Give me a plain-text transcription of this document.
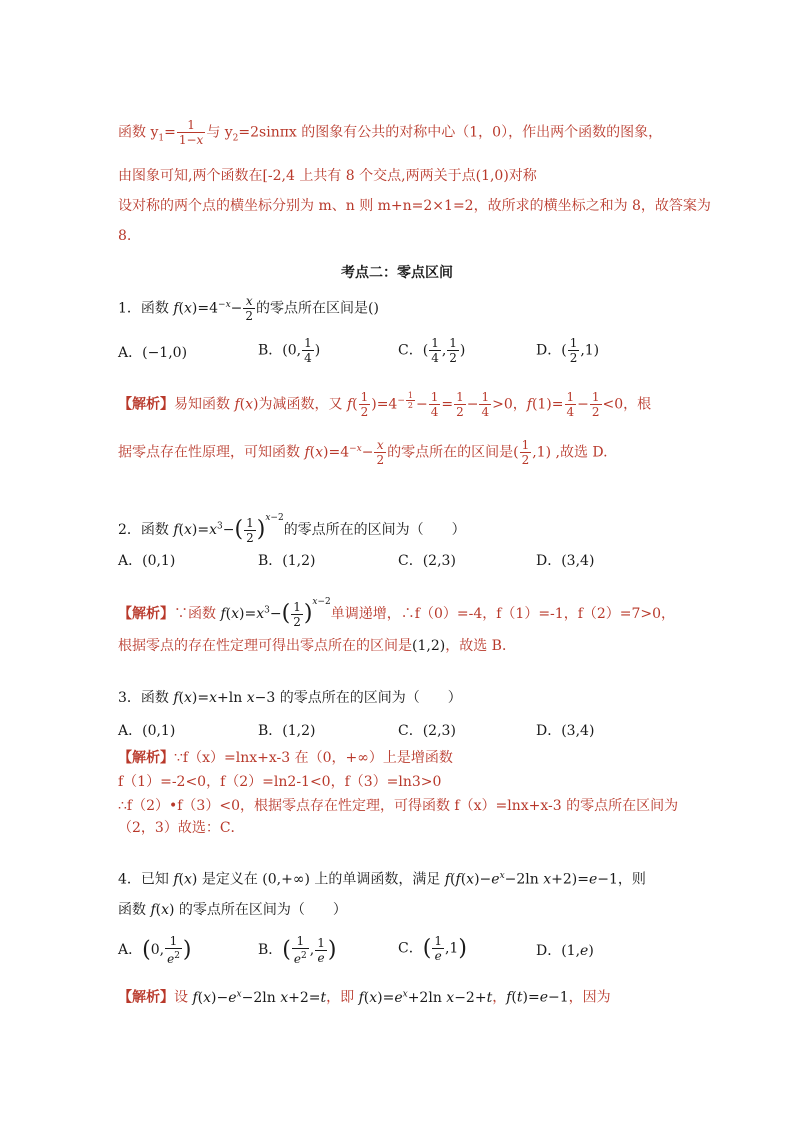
函数 $y_1= \frac{1}{1-x}$ 与 $y_2=2\sin\pi x$ 的图象有公共的对称中心（1，0），作出两个函数的图象，
由图象可知,两个函数在[-2,4 上共有 8 个交点,两两关于点(1,0)对称
设对称的两个点的横坐标分别为 m、n 则 m+n=2×1=2，故所求的横坐标之和为 8，故答案为
8.
考点二：零点区间
1．函数 $f(x)=4^{-x}- \frac{x}{2}$ 的零点所在区间是()
A．(−1,0)	B．(0, $\frac{1}{4}$ )	C．( $\frac{1}{4}$ , $\frac{1}{2}$ )	D．( $\frac{1}{2} ,1$)
【解析】易知函数 f(x)为减函数，又 $f( \frac{1}{2} )=4^{- \frac{1}{2}} - \frac{1}{4} = \frac{1}{2} - \frac{1}{4} >0$，$f(1)= \frac{1}{4} - \frac{1}{2} <0$，根
据零点存在性原理，可知函数 $f(x)=4^{-x}- \frac{x}{2}$ 的零点所在的区间是( $\frac{1}{2} ,1$) ,故选 D.
2．函数 $f(x)=x^3-( \frac{1}{2} )^{x-2}$的零点所在的区间为（　　）
A．(0,1)	B．(1,2)	C．(2,3)	D．(3,4)
【解析】∵函数 $f(x)=x^3-( \frac{1}{2} )^{x-2}$单调递增，∴f（0）=-4，f（1）=-1，f（2）=7>0，
根据零点的存在性定理可得出零点所在的区间是(1,2)，故选 B．
3．函数 f(x)=x+ln x−3 的零点所在的区间为（　　）
A．(0,1)	B．(1,2)	C．(2,3)	D．(3,4)
【解析】∵f（x）=lnx+x-3 在（0，+∞）上是增函数
f（1）=-2<0，f（2）=ln2-1<0，f（3）=ln3>0
∴f（2）•f（3）<0，根据零点存在性定理，可得函数 f（x）=lnx+x-3 的零点所在区间为
（2，3）故选：C．
4．已知 f(x) 是定义在 (0,+∞) 上的单调函数，满足 $f(f(x)-e^x-2\ln$ x+2)=e−1，则
函数 f(x) 的零点所在区间为（　　）
A．(0, $\frac{1}{e^2}$ )	B．( $\frac{1}{e^2}$ , $\frac{1}{e}$ )	C．( $\frac{1}{e} ,1$)	D．(1,e)
【解析】设 $f(x)-e^x-2\ln$ x+2=t，即 $f(x)=e^x+2\ln$ x−2+t，f(t)=e−1，因为
